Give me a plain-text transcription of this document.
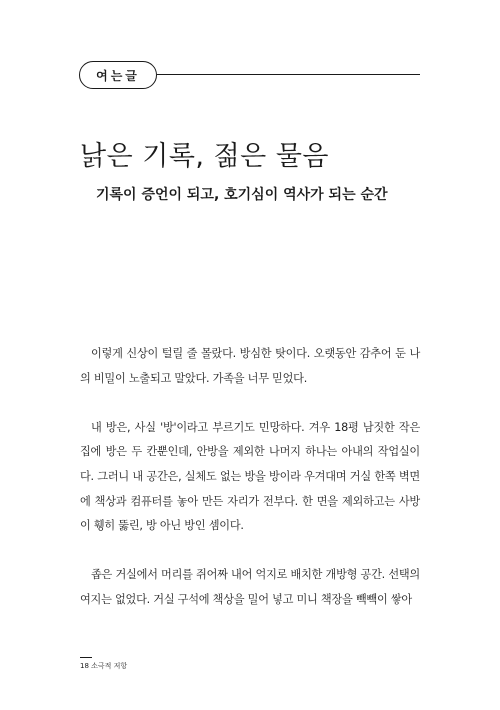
여는글
낡은 기록, 젊은 물음
기록이 증언이 되고, 호기심이 역사가 되는 순간

이렇게 신상이 털릴 줄 몰랐다. 방심한 탓이다. 오랫동안 감추어 둔 나의 비밀이 노출되고 말았다. 가족을 너무 믿었다.

내 방은, 사실 '방'이라고 부르기도 민망하다. 겨우 18평 남짓한 작은 집에 방은 두 칸뿐인데, 안방을 제외한 나머지 하나는 아내의 작업실이다. 그러니 내 공간은, 실체도 없는 방을 방이라 우겨대며 거실 한쪽 벽면에 책상과 컴퓨터를 놓아 만든 자리가 전부다. 한 면을 제외하고는 사방이 휑히 뚫린, 방 아닌 방인 셈이다.

좁은 거실에서 머리를 쥐어짜 내어 억지로 배치한 개방형 공간. 선택의 여지는 없었다. 거실 구석에 책상을 밀어 넣고 미니 책장을 빽빽이 쌓아

18 소극적 저항
